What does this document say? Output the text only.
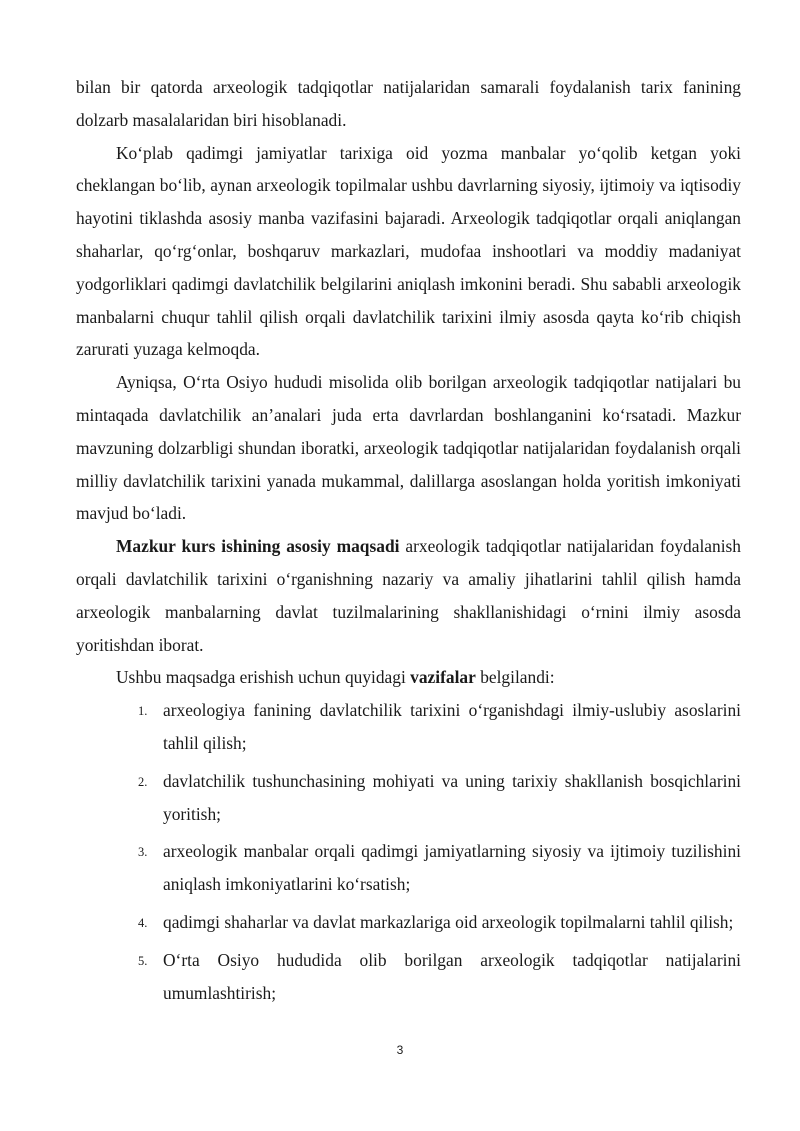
bilan bir qatorda arxeologik tadqiqotlar natijalaridan samarali foydalanish tarix fanining dolzarb masalalaridan biri hisoblanadi.

Ko‘plab qadimgi jamiyatlar tarixiga oid yozma manbalar yo‘qolib ketgan yoki cheklangan bo‘lib, aynan arxeologik topilmalar ushbu davrlarning siyosiy, ijtimoiy va iqtisodiy hayotini tiklashda asosiy manba vazifasini bajaradi. Arxeologik tadqiqotlar orqali aniqlangan shaharlar, qo‘rg‘onlar, boshqaruv markazlari, mudofaa inshootlari va moddiy madaniyat yodgorliklari qadimgi davlatchilik belgilarini aniqlash imkonini beradi. Shu sababli arxeologik manbalarni chuqur tahlil qilish orqali davlatchilik tarixini ilmiy asosda qayta ko‘rib chiqish zarurati yuzaga kelmoqda.

Ayniqsa, O‘rta Osiyo hududi misolida olib borilgan arxeologik tadqiqotlar natijalari bu mintaqada davlatchilik an’analari juda erta davrlardan boshlanganini ko‘rsatadi. Mazkur mavzuning dolzarbligi shundan iboratki, arxeologik tadqiqotlar natijalaridan foydalanish orqali milliy davlatchilik tarixini yanada mukammal, dalillarga asoslangan holda yoritish imkoniyati mavjud bo‘ladi.

Mazkur kurs ishining asosiy maqsadi arxeologik tadqiqotlar natijalaridan foydalanish orqali davlatchilik tarixini o‘rganishning nazariy va amaliy jihatlarini tahlil qilish hamda arxeologik manbalarning davlat tuzilmalarining shakllanishidagi o‘rnini ilmiy asosda yoritishdan iborat.

Ushbu maqsadga erishish uchun quyidagi vazifalar belgilandi:

1. arxeologiya fanining davlatchilik tarixini o‘rganishdagi ilmiy-uslubiy asoslarini tahlil qilish;
2. davlatchilik tushunchasining mohiyati va uning tarixiy shakllanish bosqichlarini yoritish;
3. arxeologik manbalar orqali qadimgi jamiyatlarning siyosiy va ijtimoiy tuzilishini aniqlash imkoniyatlarini ko‘rsatish;
4. qadimgi shaharlar va davlat markazlariga oid arxeologik topilmalarni tahlil qilish;
5. O‘rta Osiyo hududida olib borilgan arxeologik tadqiqotlar natijalarini umumlashtirish;
3
